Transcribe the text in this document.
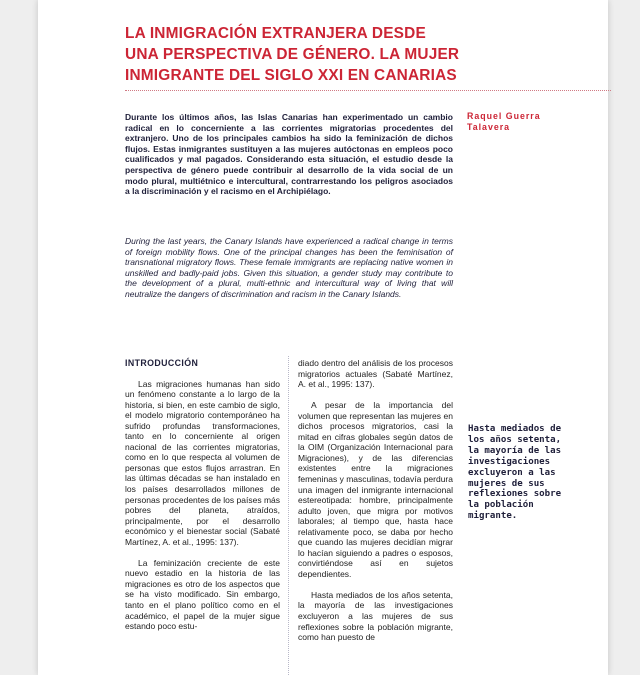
LA INMIGRACIÓN EXTRANJERA DESDE
UNA PERSPECTIVA DE GÉNERO. LA MUJER
INMIGRANTE DEL SIGLO XXI EN CANARIAS

Durante los últimos años, las Islas Canarias han experimentado un cambio radical en lo concerniente a las corrientes migratorias procedentes del extranjero. Uno de los principales cambios ha sido la feminización de dichos flujos. Estas inmigrantes sustituyen a las mujeres autóctonas en empleos poco cualificados y mal pagados. Considerando esta situación, el estudio desde la perspectiva de género puede contribuir al desarrollo de la vida social de un modo plural, multiétnico e intercultural, contrarrestando los peligros asociados a la discriminación y el racismo en el Archipiélago.

During the last years, the Canary Islands have experienced a radical change in terms of foreign mobility flows. One of the principal changes has been the feminisation of transnational migratory flows. These female immigrants are replacing native women in unskilled and badly-paid jobs. Given this situation, a gender study may contribute to the development of a plural, multi-ethnic and intercultural way of living that will neutralize the dangers of discrimination and racism in the Canary Islands.

Raquel Guerra
Talavera

INTRODUCCIÓN

Las migraciones humanas han sido un fenómeno constante a lo largo de la historia, si bien, en este cambio de siglo, el modelo migratorio contemporáneo ha sufrido profundas transformaciones, tanto en lo concerniente al origen nacional de las corrientes migratorias, como en lo que respecta al volumen de personas que estos flujos arrastran. En las últimas décadas se han instalado en los países desarrollados millones de personas procedentes de los países más pobres del planeta, atraídos, principalmente, por el desarrollo económico y el bienestar social (Sabaté Martínez, A. et al., 1995: 137).

La feminización creciente de este nuevo estadio en la historia de las migraciones es otro de los aspectos que se ha visto modificado. Sin embargo, tanto en el plano político como en el académico, el papel de la mujer sigue estando poco estu-

diado dentro del análisis de los procesos migratorios actuales (Sabaté Martínez, A. et al., 1995: 137).

A pesar de la importancia del volumen que representan las mujeres en dichos procesos migratorios, casi la mitad en cifras globales según datos de la OIM (Organización Internacional para Migraciones), y de las diferencias existentes entre la migraciones femeninas y masculinas, todavía perdura una imagen del inmigrante internacional estereotipada: hombre, principalmente adulto joven, que migra por motivos laborales; al tiempo que, hasta hace relativamente poco, se daba por hecho que cuando las mujeres decidían migrar lo hacían siguiendo a padres o esposos, convirtiéndose así en sujetos dependientes.

Hasta mediados de los años setenta, la mayoría de las investigaciones excluyeron a las mujeres de sus reflexiones sobre la población migrante, como han puesto de

Hasta mediados de
los años setenta,
la mayoría de las
investigaciones
excluyeron a las
mujeres de sus
reflexiones sobre
la población
migrante.
